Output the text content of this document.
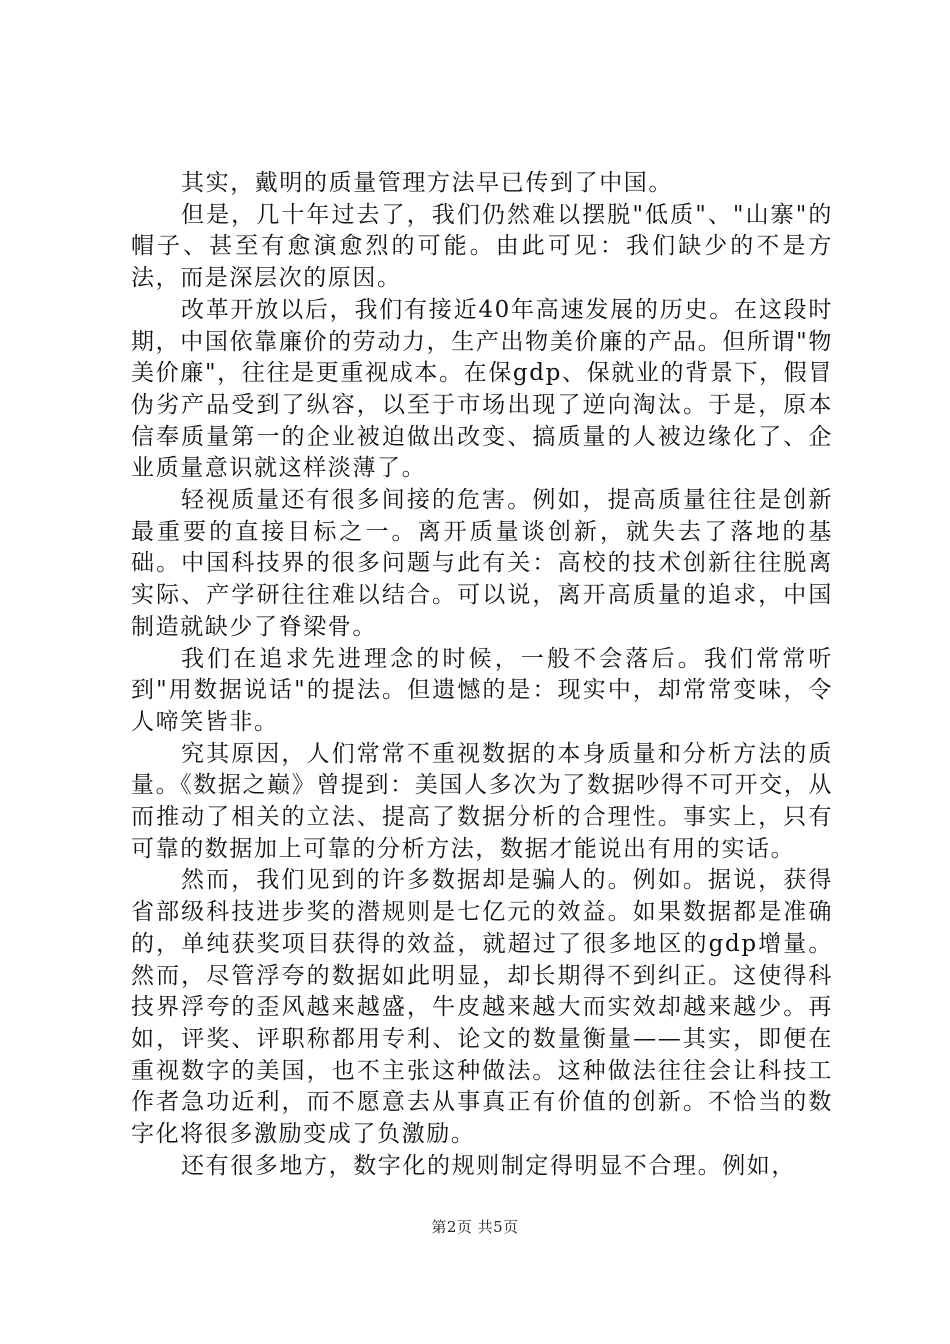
其实，戴明的质量管理方法早已传到了中国。

但是，几十年过去了，我们仍然难以摆脱"低质"、"山寨"的帽子、甚至有愈演愈烈的可能。由此可见：我们缺少的不是方法，而是深层次的原因。

改革开放以后，我们有接近40年高速发展的历史。在这段时期，中国依靠廉价的劳动力，生产出物美价廉的产品。但所谓"物美价廉"，往往是更重视成本。在保gdp、保就业的背景下，假冒伪劣产品受到了纵容，以至于市场出现了逆向淘汰。于是，原本信奉质量第一的企业被迫做出改变、搞质量的人被边缘化了、企业质量意识就这样淡薄了。

轻视质量还有很多间接的危害。例如，提高质量往往是创新最重要的直接目标之一。离开质量谈创新，就失去了落地的基础。中国科技界的很多问题与此有关：高校的技术创新往往脱离实际、产学研往往难以结合。可以说，离开高质量的追求，中国制造就缺少了脊梁骨。

我们在追求先进理念的时候，一般不会落后。我们常常听到"用数据说话"的提法。但遗憾的是：现实中，却常常变味，令人啼笑皆非。

究其原因，人们常常不重视数据的本身质量和分析方法的质量。《数据之巅》曾提到：美国人多次为了数据吵得不可开交，从而推动了相关的立法、提高了数据分析的合理性。事实上，只有可靠的数据加上可靠的分析方法，数据才能说出有用的实话。

然而，我们见到的许多数据却是骗人的。例如。据说，获得省部级科技进步奖的潜规则是七亿元的效益。如果数据都是准确的，单纯获奖项目获得的效益，就超过了很多地区的gdp增量。然而，尽管浮夸的数据如此明显，却长期得不到纠正。这使得科技界浮夸的歪风越来越盛，牛皮越来越大而实效却越来越少。再如，评奖、评职称都用专利、论文的数量衡量——其实，即便在重视数字的美国，也不主张这种做法。这种做法往往会让科技工作者急功近利，而不愿意去从事真正有价值的创新。不恰当的数字化将很多激励变成了负激励。

还有很多地方，数字化的规则制定得明显不合理。例如，

第2页 共5页
